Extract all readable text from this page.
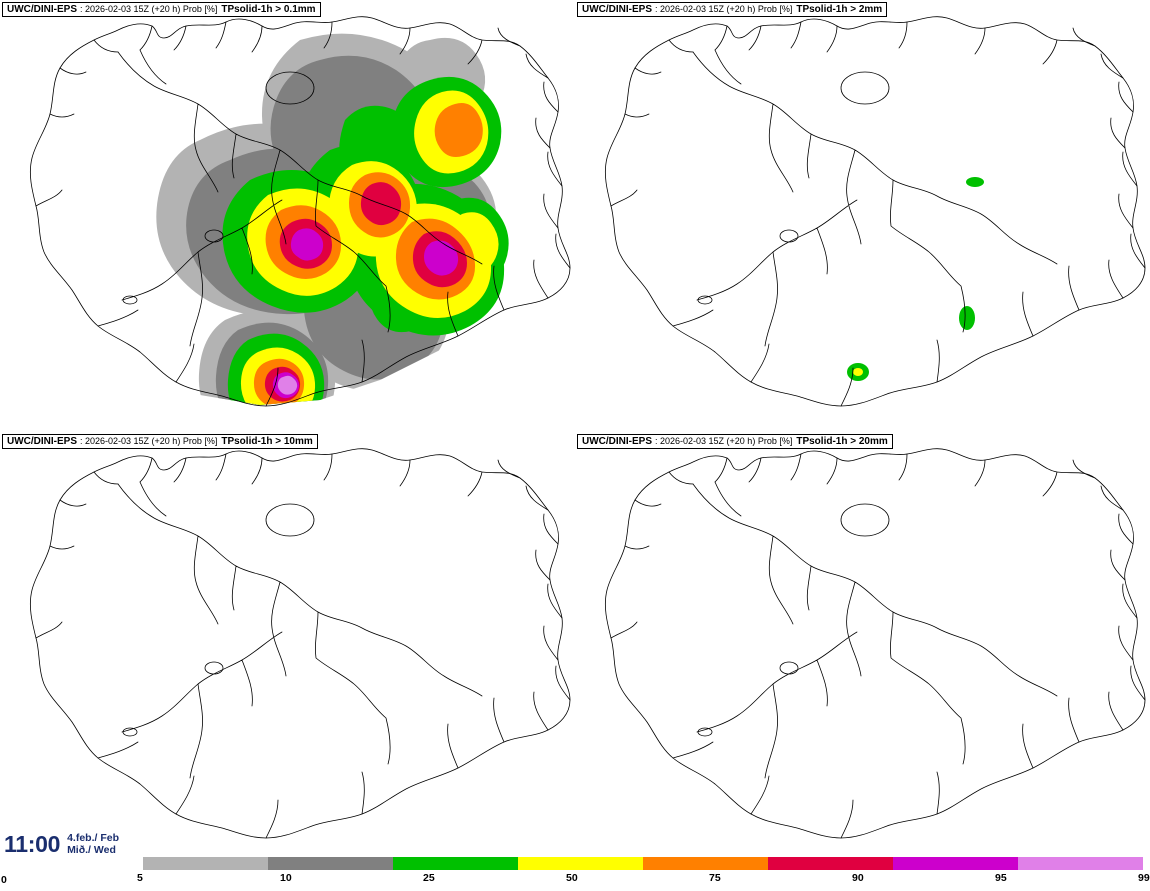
UWC/DINI-EPS : 2026-02-03 15Z (+20 h) Prob [%] TPsolid-1h > 0.1mm	UWC/DINI-EPS : 2026-02-03 15Z (+20 h) Prob [%] TPsolid-1h > 2mm
UWC/DINI-EPS : 2026-02-03 15Z (+20 h) Prob [%] TPsolid-1h > 10mm	UWC/DINI-EPS : 2026-02-03 15Z (+20 h) Prob [%] TPsolid-1h > 20mm
11:00 4.feb./ Feb
Mið./ Wed
0	5	10	25	50	75	90	95	99
